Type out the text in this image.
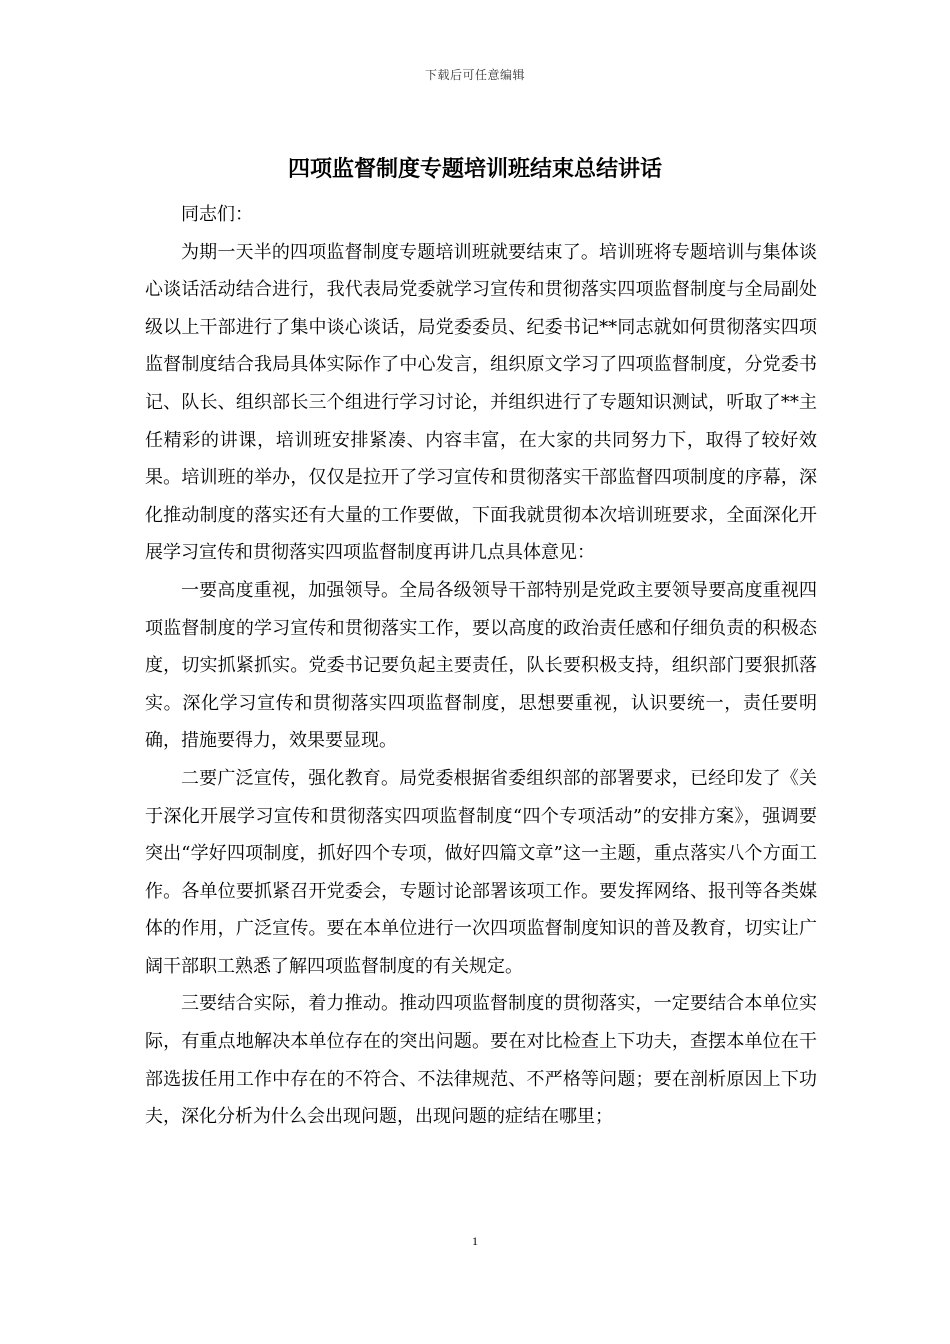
下载后可任意编辑
四项监督制度专题培训班结束总结讲话

同志们：

为期一天半的四项监督制度专题培训班就要结束了。培训班将专题培训与集体谈心谈话活动结合进行，我代表局党委就学习宣传和贯彻落实四项监督制度与全局副处级以上干部进行了集中谈心谈话，局党委委员、纪委书记**同志就如何贯彻落实四项监督制度结合我局具体实际作了中心发言，组织原文学习了四项监督制度，分党委书记、队长、组织部长三个组进行学习讨论，并组织进行了专题知识测试，听取了**主任精彩的讲课，培训班安排紧凑、内容丰富，在大家的共同努力下，取得了较好效果。培训班的举办，仅仅是拉开了学习宣传和贯彻落实干部监督四项制度的序幕，深化推动制度的落实还有大量的工作要做，下面我就贯彻本次培训班要求，全面深化开展学习宣传和贯彻落实四项监督制度再讲几点具体意见：

一要高度重视，加强领导。全局各级领导干部特别是党政主要领导要高度重视四项监督制度的学习宣传和贯彻落实工作，要以高度的政治责任感和仔细负责的积极态度，切实抓紧抓实。党委书记要负起主要责任，队长要积极支持，组织部门要狠抓落实。深化学习宣传和贯彻落实四项监督制度，思想要重视，认识要统一，责任要明确，措施要得力，效果要显现。

二要广泛宣传，强化教育。局党委根据省委组织部的部署要求，已经印发了《关于深化开展学习宣传和贯彻落实四项监督制度“四个专项活动”的安排方案》，强调要突出“学好四项制度，抓好四个专项，做好四篇文章”这一主题，重点落实八个方面工作。各单位要抓紧召开党委会，专题讨论部署该项工作。要发挥网络、报刊等各类媒体的作用，广泛宣传。要在本单位进行一次四项监督制度知识的普及教育，切实让广阔干部职工熟悉了解四项监督制度的有关规定。

三要结合实际，着力推动。推动四项监督制度的贯彻落实，一定要结合本单位实际，有重点地解决本单位存在的突出问题。要在对比检查上下功夫，查摆本单位在干部选拔任用工作中存在的不符合、不法律规范、不严格等问题；要在剖析原因上下功夫，深化分析为什么会出现问题，出现问题的症结在哪里；

1
